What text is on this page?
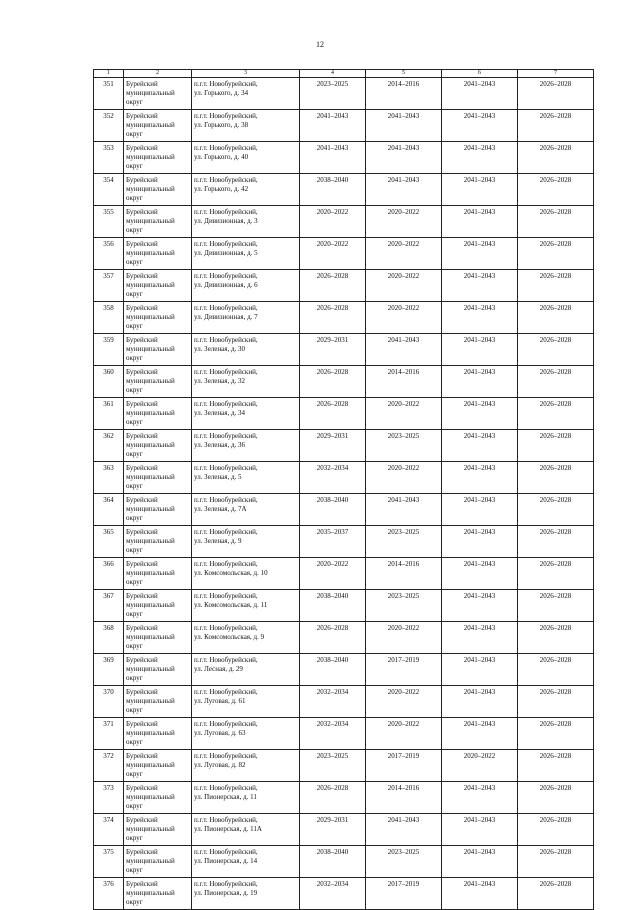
12
1	2	3	4	5	6	7
351	Бурейский муниципальный округ	п.г.т. Новобурейский,
ул. Горького, д. 34	2023–2025	2014–2016	2041–2043	2026–2028
352	Бурейский муниципальный округ	п.г.т. Новобурейский,
ул. Горького, д. 38	2041–2043	2041–2043	2041–2043	2026–2028
353	Бурейский муниципальный округ	п.г.т. Новобурейский,
ул. Горького, д. 40	2041–2043	2041–2043	2041–2043	2026–2028
354	Бурейский муниципальный округ	п.г.т. Новобурейский,
ул. Горького, д. 42	2038–2040	2041–2043	2041–2043	2026–2028
355	Бурейский муниципальный округ	п.г.т. Новобурейский,
ул. Дивизионная, д. 3	2020–2022	2020–2022	2041–2043	2026–2028
356	Бурейский муниципальный округ	п.г.т. Новобурейский,
ул. Дивизионная, д. 5	2020–2022	2020–2022	2041–2043	2026–2028
357	Бурейский муниципальный округ	п.г.т. Новобурейский,
ул. Дивизионная, д. 6	2026–2028	2020–2022	2041–2043	2026–2028
358	Бурейский муниципальный округ	п.г.т. Новобурейский,
ул. Дивизионная, д. 7	2026–2028	2020–2022	2041–2043	2026–2028
359	Бурейский муниципальный округ	п.г.т. Новобурейский,
ул. Зеленая, д. 30	2029–2031	2041–2043	2041–2043	2026–2028
360	Бурейский муниципальный округ	п.г.т. Новобурейский,
ул. Зеленая, д. 32	2026–2028	2014–2016	2041–2043	2026–2028
361	Бурейский муниципальный округ	п.г.т. Новобурейский,
ул. Зеленая, д. 34	2026–2028	2020–2022	2041–2043	2026–2028
362	Бурейский муниципальный округ	п.г.т. Новобурейский,
ул. Зеленая, д. 36	2029–2031	2023–2025	2041–2043	2026–2028
363	Бурейский муниципальный округ	п.г.т. Новобурейский,
ул. Зеленая, д. 5	2032–2034	2020–2022	2041–2043	2026–2028
364	Бурейский муниципальный округ	п.г.т. Новобурейский,
ул. Зеленая, д. 7А	2038–2040	2041–2043	2041–2043	2026–2028
365	Бурейский муниципальный округ	п.г.т. Новобурейский,
ул. Зеленая, д. 9	2035–2037	2023–2025	2041–2043	2026–2028
366	Бурейский муниципальный округ	п.г.т. Новобурейский,
ул. Комсомольская, д. 10	2020–2022	2014–2016	2041–2043	2026–2028
367	Бурейский муниципальный округ	п.г.т. Новобурейский,
ул. Комсомольская, д. 11	2038–2040	2023–2025	2041–2043	2026–2028
368	Бурейский муниципальный округ	п.г.т. Новобурейский,
ул. Комсомольская, д. 9	2026–2028	2020–2022	2041–2043	2026–2028
369	Бурейский муниципальный округ	п.г.т. Новобурейский,
ул. Лесная, д. 29	2038–2040	2017–2019	2041–2043	2026–2028
370	Бурейский муниципальный округ	п.г.т. Новобурейский,
ул. Луговая, д. 61	2032–2034	2020–2022	2041–2043	2026–2028
371	Бурейский муниципальный округ	п.г.т. Новобурейский,
ул. Луговая, д. 63	2032–2034	2020–2022	2041–2043	2026–2028
372	Бурейский муниципальный округ	п.г.т. Новобурейский,
ул. Луговая, д. 82	2023–2025	2017–2019	2020–2022	2026–2028
373	Бурейский муниципальный округ	п.г.т. Новобурейский,
ул. Пионерская, д. 11	2026–2028	2014–2016	2041–2043	2026–2028
374	Бурейский муниципальный округ	п.г.т. Новобурейский,
ул. Пионерская, д. 11А	2029–2031	2041–2043	2041–2043	2026–2028
375	Бурейский муниципальный округ	п.г.т. Новобурейский,
ул. Пионерская, д. 14	2038–2040	2023–2025	2041–2043	2026–2028
376	Бурейский муниципальный округ	п.г.т. Новобурейский,
ул. Пионерская, д. 19	2032–2034	2017–2019	2041–2043	2026–2028
